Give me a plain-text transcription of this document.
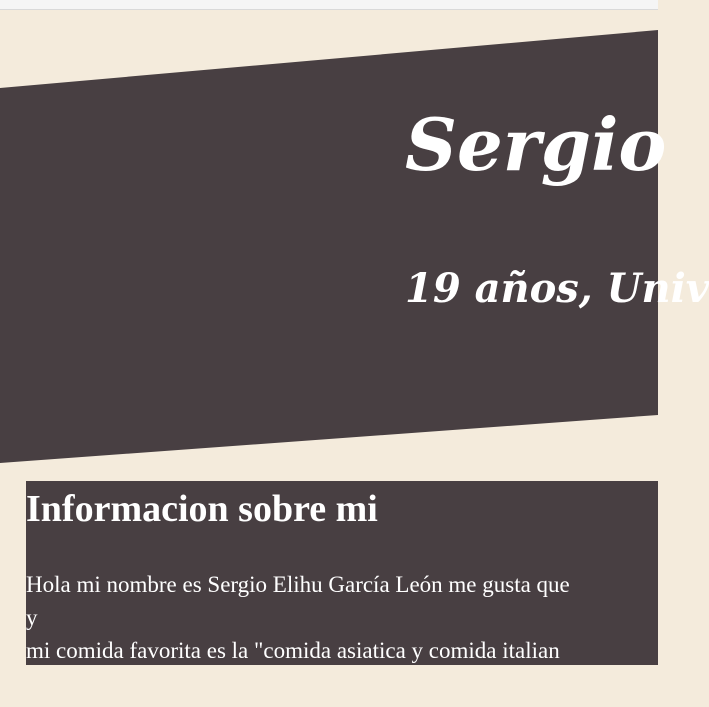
Sergio
19 años, Univ
Informacion sobre mi

Hola mi nombre es Sergio Elihu García León me gusta que
y
mi comida favorita es la "comida asiatica y comida italian
